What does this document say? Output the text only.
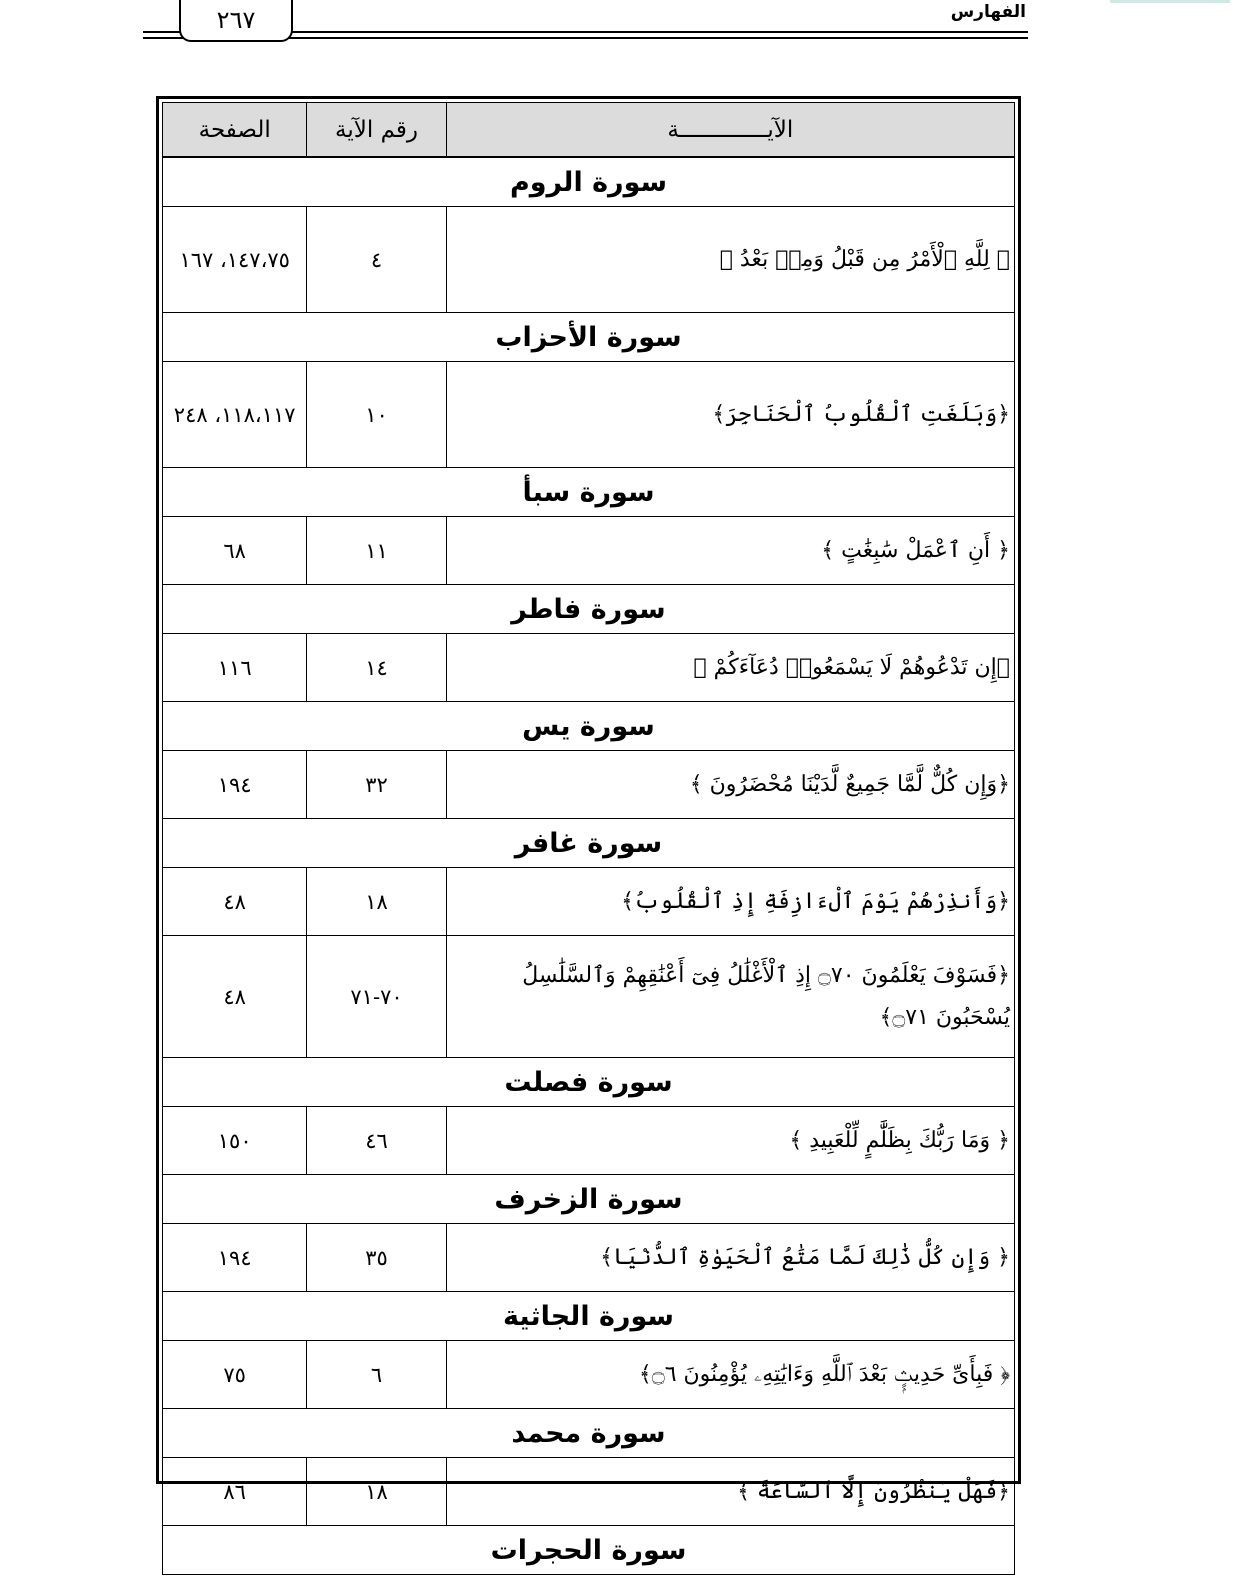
٢٦٧	الفهارس
الآيـــــــــــــة	رقم الآية	الصفحة
سورة الروم		
﴿ لِلَّهِ ٱلْأَمْرُ مِن قَبْلُ وَمِنۢ بَعْدُ ﴾	٤	١٤٧،٧٥، ١٦٧
سورة الأحزاب		
﴿وَبَلَغَتِ ٱلْقُلُوبُ ٱلْحَنَاجِرَ﴾	١٠	١١٨،١١٧، ٢٤٨
سورة سبأ		
﴿ أَنِ ٱعْمَلْ سَٰبِغَٰتٍ ﴾	١١	٦٨
سورة فاطر		
﴿إِن تَدْعُوهُمْ لَا يَسْمَعُوا۟ دُعَآءَكُمْ ﴾	١٤	١١٦
سورة يس		
﴿وَإِن كُلٌّ لَّمَّا جَمِيعٌ لَّدَيْنَا مُحْضَرُونَ ﴾	٣٢	١٩٤
سورة غافر		
﴿وَأَنذِرْهُمْ يَوْمَ ٱلْءَازِفَةِ إِذِ ٱلْقُلُوبُ﴾	١٨	٤٨
﴿فَسَوْفَ يَعْلَمُونَ ۝٧٠ إِذِ ٱلْأَغْلَٰلُ فِىٓ أَعْنَٰقِهِمْ وَٱلسَّلَٰسِلُ يُسْحَبُونَ ۝٧١﴾	٧٠-٧١	٤٨
سورة فصلت		
﴿ وَمَا رَبُّكَ بِظَلَّٰمٍ لِّلْعَبِيدِ ﴾	٤٦	١٥٠
سورة الزخرف		
﴿ وَإِن كُلُّ ذَٰلِكَ لَمَّا مَتَٰعُ ٱلْحَيَوٰةِ ٱلدُّنْيَا﴾	٣٥	١٩٤
سورة الجاثية		
﴿ فَبِأَىِّ حَدِيثٍۭ بَعْدَ ٱللَّهِ وَءَايَٰتِهِۦ يُؤْمِنُونَ ۝٦﴾	٦	٧٥
سورة محمد		
﴿فَهَلْ يَنظُرُونَ إِلَّا ٱلسَّاعَةَ ﴾	١٨	٨٦
سورة الحجرات		
